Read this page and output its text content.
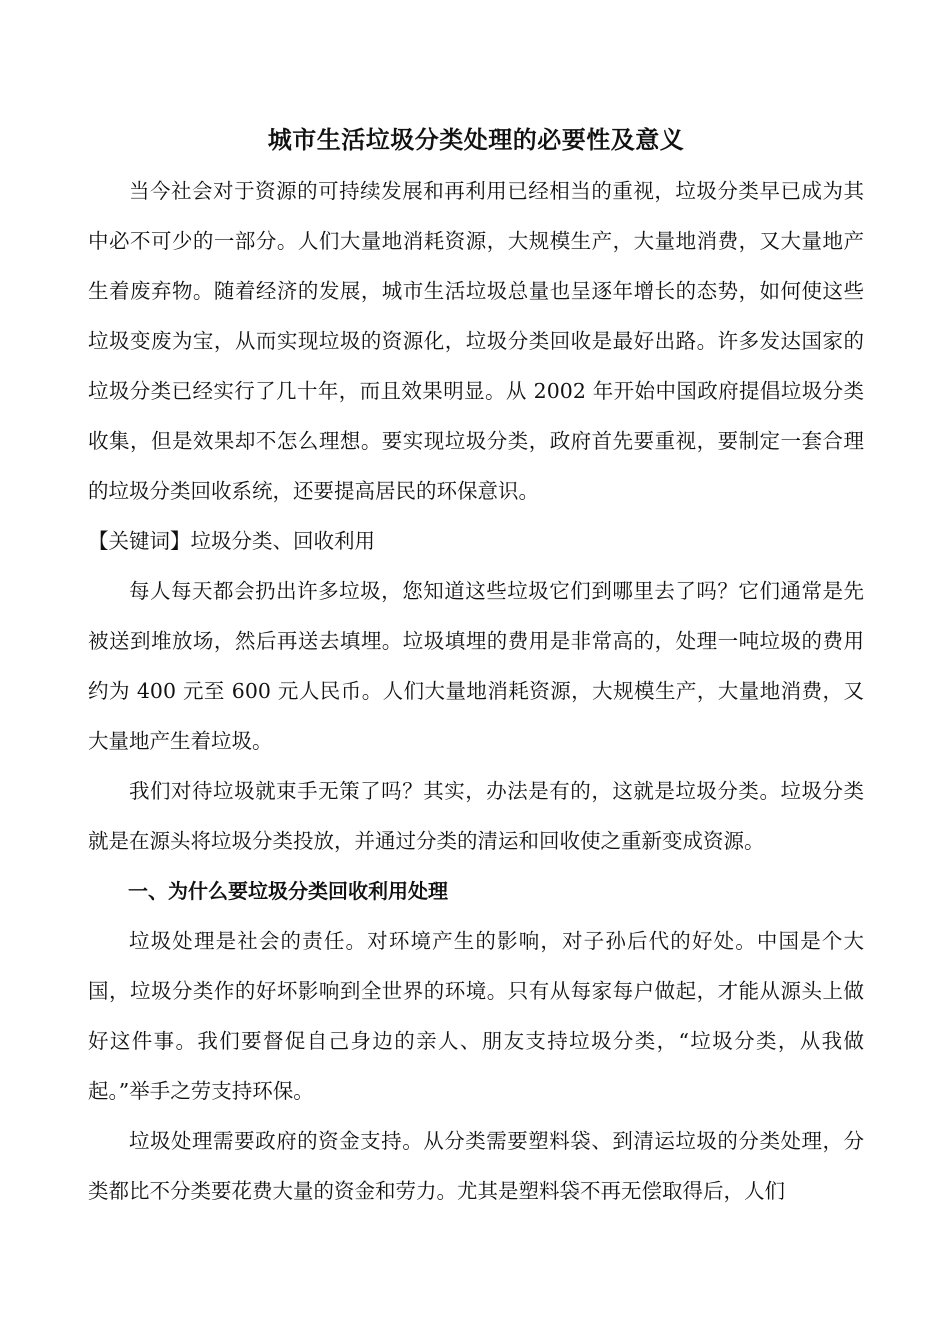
城市生活垃圾分类处理的必要性及意义

当今社会对于资源的可持续发展和再利用已经相当的重视，垃圾分类早已成为其中必不可少的一部分。人们大量地消耗资源，大规模生产，大量地消费，又大量地产生着废弃物。随着经济的发展，城市生活垃圾总量也呈逐年增长的态势，如何使这些垃圾变废为宝，从而实现垃圾的资源化，垃圾分类回收是最好出路。许多发达国家的垃圾分类已经实行了几十年，而且效果明显。从 2002 年开始中国政府提倡垃圾分类收集，但是效果却不怎么理想。要实现垃圾分类，政府首先要重视，要制定一套合理的垃圾分类回收系统，还要提高居民的环保意识。

【关键词】垃圾分类、回收利用

每人每天都会扔出许多垃圾，您知道这些垃圾它们到哪里去了吗？它们通常是先被送到堆放场，然后再送去填埋。垃圾填埋的费用是非常高的，处理一吨垃圾的费用约为 400 元至 600 元人民币。人们大量地消耗资源，大规模生产，大量地消费，又大量地产生着垃圾。

我们对待垃圾就束手无策了吗？其实，办法是有的，这就是垃圾分类。垃圾分类就是在源头将垃圾分类投放，并通过分类的清运和回收使之重新变成资源。

一、为什么要垃圾分类回收利用处理

垃圾处理是社会的责任。对环境产生的影响，对子孙后代的好处。中国是个大国，垃圾分类作的好坏影响到全世界的环境。只有从每家每户做起，才能从源头上做好这件事。我们要督促自己身边的亲人、朋友支持垃圾分类，“垃圾分类，从我做起。”举手之劳支持环保。

垃圾处理需要政府的资金支持。从分类需要塑料袋、到清运垃圾的分类处理，分类都比不分类要花费大量的资金和劳力。尤其是塑料袋不再无偿取得后，人们
